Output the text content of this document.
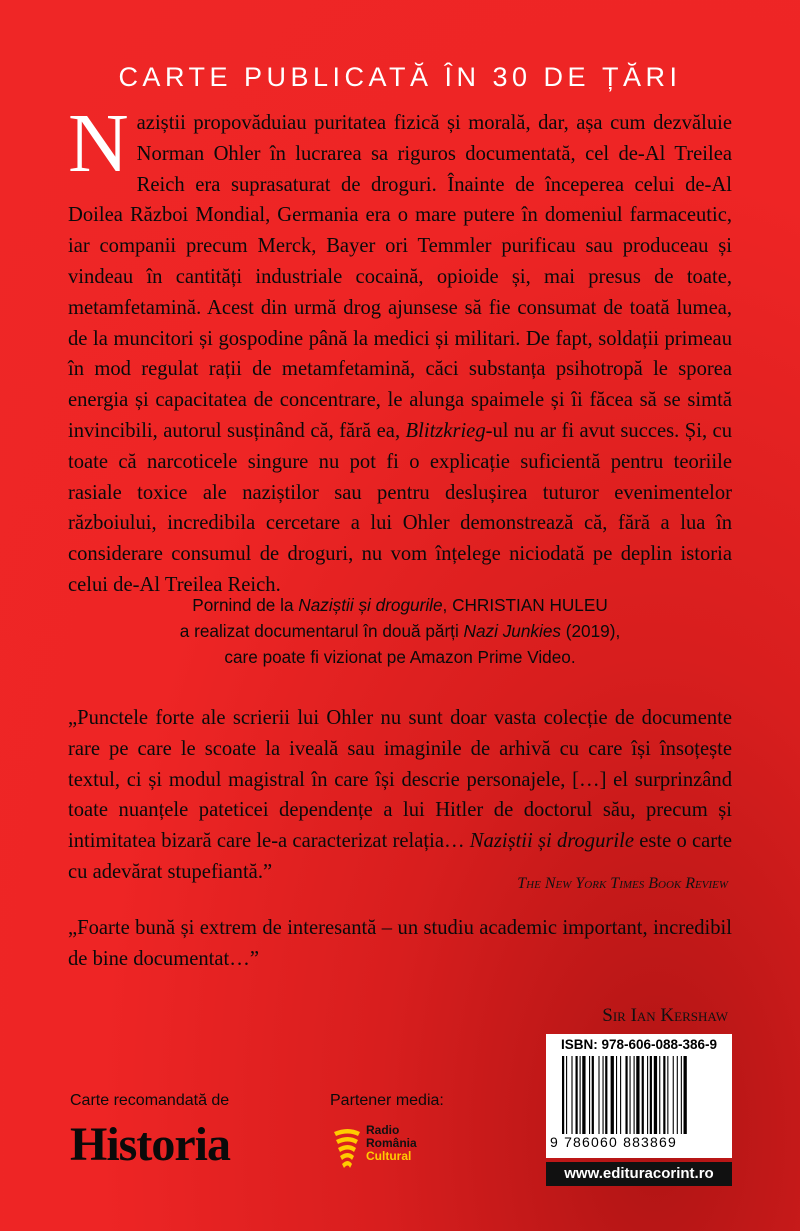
CARTE PUBLICATĂ ÎN 30 DE ȚĂRI
Naziștii propovăduiau puritatea fizică și morală, dar, așa cum dezvăluie Norman Ohler în lucrarea sa riguros documentată, cel de-Al Treilea Reich era suprasaturat de droguri. Înainte de începerea celui de-Al Doilea Război Mondial, Germania era o mare putere în domeniul farmaceutic, iar companii precum Merck, Bayer ori Temmler purificau sau produceau și vindeau în cantități industriale cocaină, opioide și, mai presus de toate, metamfetamină. Acest din urmă drog ajunsese să fie consumat de toată lumea, de la muncitori și gospodine până la medici și militari. De fapt, soldații primeau în mod regulat rații de metamfetamină, căci substanța psihotropă le sporea energia și capacitatea de concentrare, le alunga spaimele și îi făcea să se simtă invincibili, autorul susținând că, fără ea, Blitzkrieg-ul nu ar fi avut succes. Și, cu toate că narcoticele singure nu pot fi o explicație suficientă pentru teoriile rasiale toxice ale naziștilor sau pentru deslușirea tuturor evenimentelor războiului, incredibila cercetare a lui Ohler demonstrează că, fără a lua în considerare consumul de droguri, nu vom înțelege niciodată pe deplin istoria celui de-Al Treilea Reich.
Pornind de la Naziștii și drogurile, CHRISTIAN HULEU
a realizat documentarul în două părți Nazi Junkies (2019),
care poate fi vizionat pe Amazon Prime Video.
„Punctele forte ale scrierii lui Ohler nu sunt doar vasta colecție de documente rare pe care le scoate la iveală sau imaginile de arhivă cu care își însoțește textul, ci și modul magistral în care își descrie personajele, […] el surprinzând toate nuanțele pateticei dependențe a lui Hitler de doctorul său, precum și intimitatea bizară care le-a caracterizat relația… Naziștii și drogurile este o carte cu adevărat stupefiantă.”
The New York Times Book Review
„Foarte bună și extrem de interesantă – un studiu academic important, incredibil de bine documentat…”
Sir Ian Kershaw
Carte recomandată de
Historia
Partener media:
Radio
România
Cultural
ISBN: 978-606-088-386-9
9 786060 883869
www.edituracorint.ro
